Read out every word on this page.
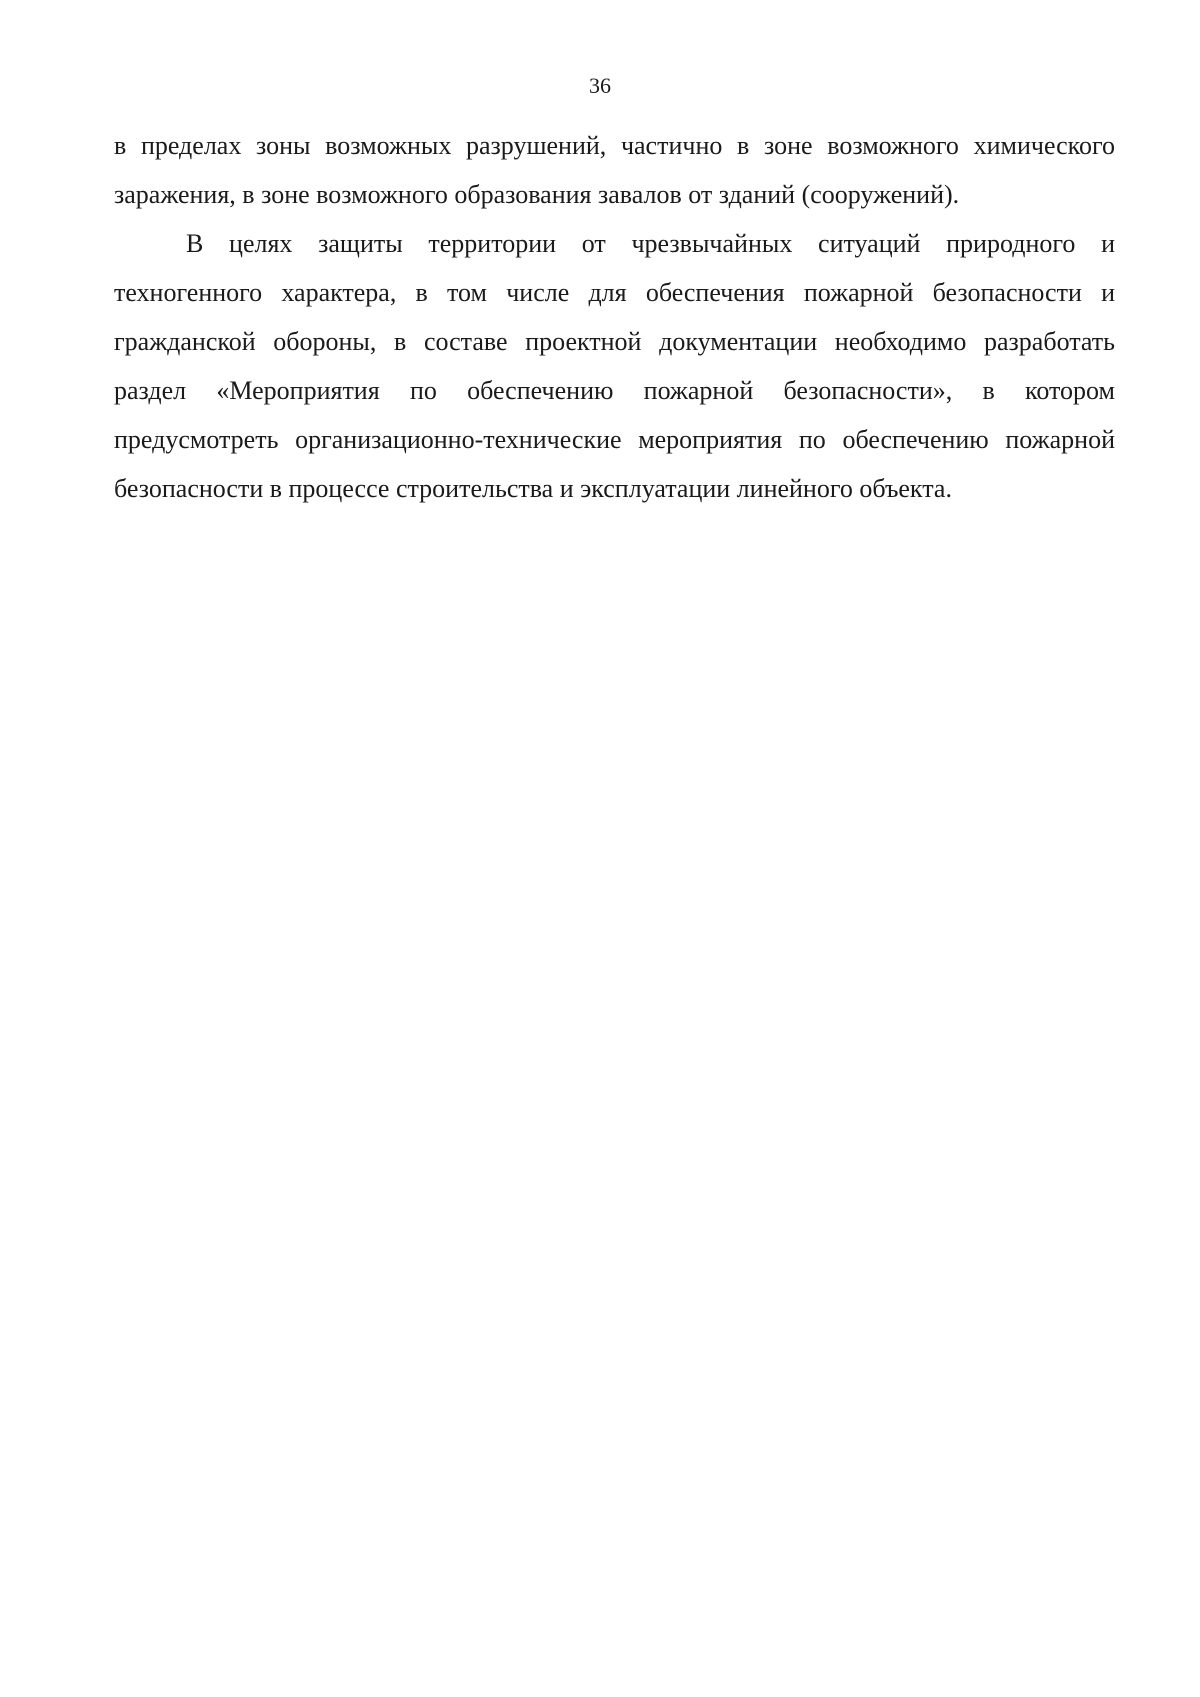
36

в пределах зоны возможных разрушений, частично в зоне возможного химического заражения, в зоне возможного образования завалов от зданий (сооружений).

В целях защиты территории от чрезвычайных ситуаций природного и техногенного характера, в том числе для обеспечения пожарной безопасности и гражданской обороны, в составе проектной документации необходимо разработать раздел «Мероприятия по обеспечению пожарной безопасности», в котором предусмотреть организационно-технические мероприятия по обеспечению пожарной безопасности в процессе строительства и эксплуатации линейного объекта.
